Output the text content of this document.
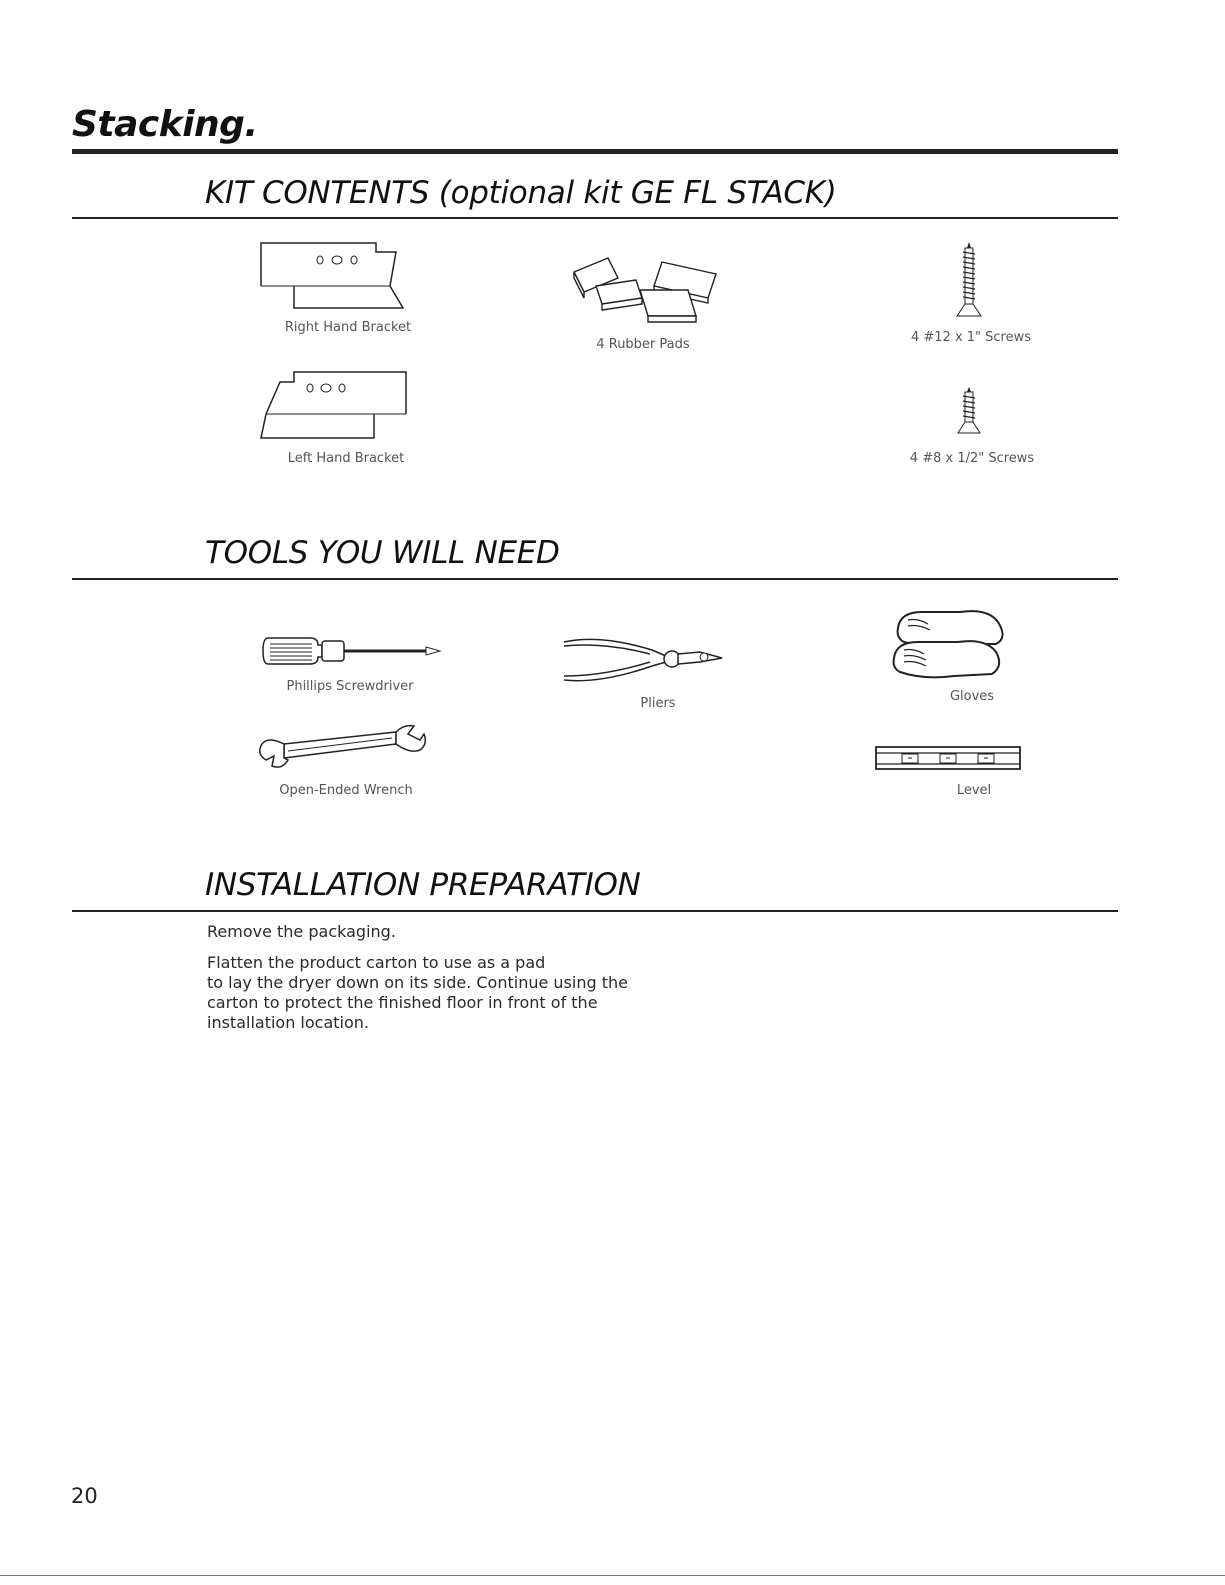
Stacking.
KIT CONTENTS (optional kit GE FL STACK)
Right Hand Bracket
4 Rubber Pads	4 #12 x 1" Screws
Left Hand Bracket	4 #8 x 1/2" Screws
TOOLS YOU WILL NEED
Phillips Screwdriver
Pliers	Gloves
Open-Ended Wrench	Level
INSTALLATION PREPARATION
Remove the packaging.
Flatten the product carton to use as a pad
to lay the dryer down on its side. Continue using the
carton to protect the finished floor in front of the
installation location.
20
